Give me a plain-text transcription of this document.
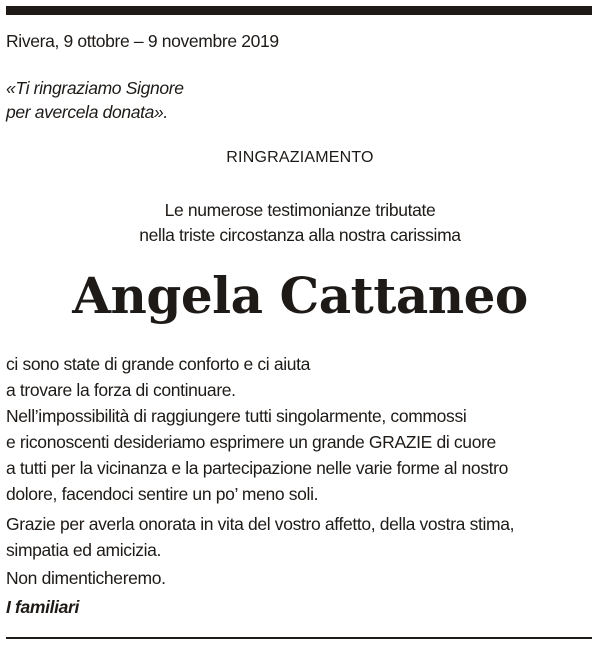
Rivera, 9 ottobre – 9 novembre 2019

«Ti ringraziamo Signore

per avercela donata».

RINGRAZIAMENTO

Le numerose testimonianze tributate

nella triste circostanza alla nostra carissima

Angela Cattaneo
ci sono state di grande conforto e ci aiuta
a trovare la forza di continuare.
Nell’impossibilità di raggiungere tutti singolarmente, commossi
e riconoscenti desideriamo esprimere un grande GRAZIE di cuore
a tutti per la vicinanza e la partecipazione nelle varie forme al nostro
dolore, facendoci sentire un po’ meno soli.
Grazie per averla onorata in vita del vostro affetto, della vostra stima,
simpatia ed amicizia.

Non dimenticheremo.

I familiari
